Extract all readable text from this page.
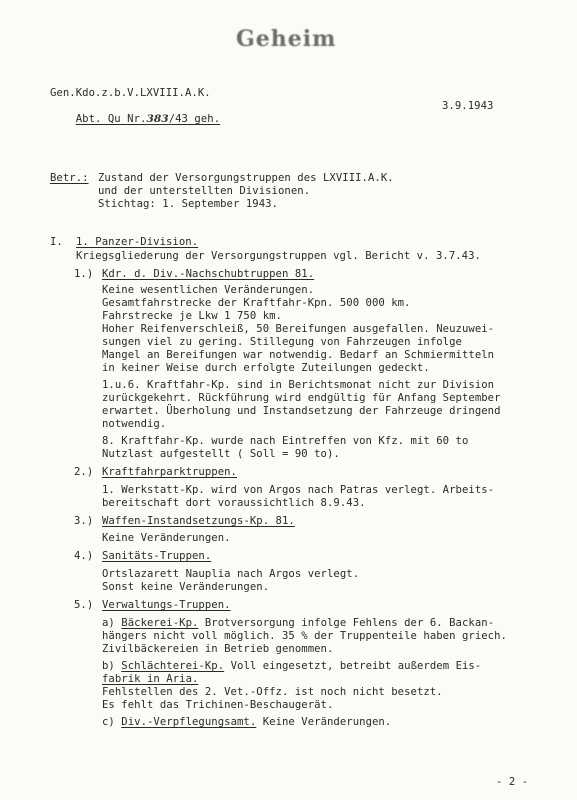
Geheim
Gen.Kdo.z.b.V.LXVIII.A.K.

Abt. Qu Nr.383/43 geh.

3.9.1943
Betr.: Zustand der Versorgungstruppen des LXVIII.A.K.
und der unterstellten Divisionen.
Stichtag: 1. September 1943.
I. 1. Panzer-Division.
Kriegsgliederung der Versorgungstruppen vgl. Bericht v. 3.7.43.
1.) Kdr. d. Div.-Nachschubtruppen 81.
Keine wesentlichen Veränderungen.
Gesamtfahrstrecke der Kraftfahr-Kpn. 500 000 km.
Fahrstrecke je Lkw 1 750 km.
Hoher Reifenverschleiß, 50 Bereifungen ausgefallen. Neuzuwei-
sungen viel zu gering. Stillegung von Fahrzeugen infolge
Mangel an Bereifungen war notwendig. Bedarf an Schmiermitteln
in keiner Weise durch erfolgte Zuteilungen gedeckt.
1.u.6. Kraftfahr-Kp. sind in Berichtsmonat nicht zur Division
zurückgekehrt. Rückführung wird endgültig für Anfang September
erwartet. Überholung und Instandsetzung der Fahrzeuge dringend
notwendig.
8. Kraftfahr-Kp. wurde nach Eintreffen von Kfz. mit 60 to
Nutzlast aufgestellt ( Soll = 90 to).
2.) Kraftfahrparktruppen.
1. Werkstatt-Kp. wird von Argos nach Patras verlegt. Arbeits-
bereitschaft dort voraussichtlich 8.9.43.
3.) Waffen-Instandsetzungs-Kp. 81.
Keine Veränderungen.
4.) Sanitäts-Truppen.
Ortslazarett Nauplia nach Argos verlegt.
Sonst keine Veränderungen.
5.) Verwaltungs-Truppen.
a) Bäckerei-Kp. Brotversorgung infolge Fehlens der 6. Backan-
hängers nicht voll möglich. 35 % der Truppenteile haben griech.
Zivilbäckereien in Betrieb genommen.
b) Schlächterei-Kp. Voll eingesetzt, betreibt außerdem Eis-
fabrik in Aria.
Fehlstellen des 2. Vet.-Offz. ist noch nicht besetzt.
Es fehlt das Trichinen-Beschaugerät.
c) Div.-Verpflegungsamt. Keine Veränderungen.
- 2 -
